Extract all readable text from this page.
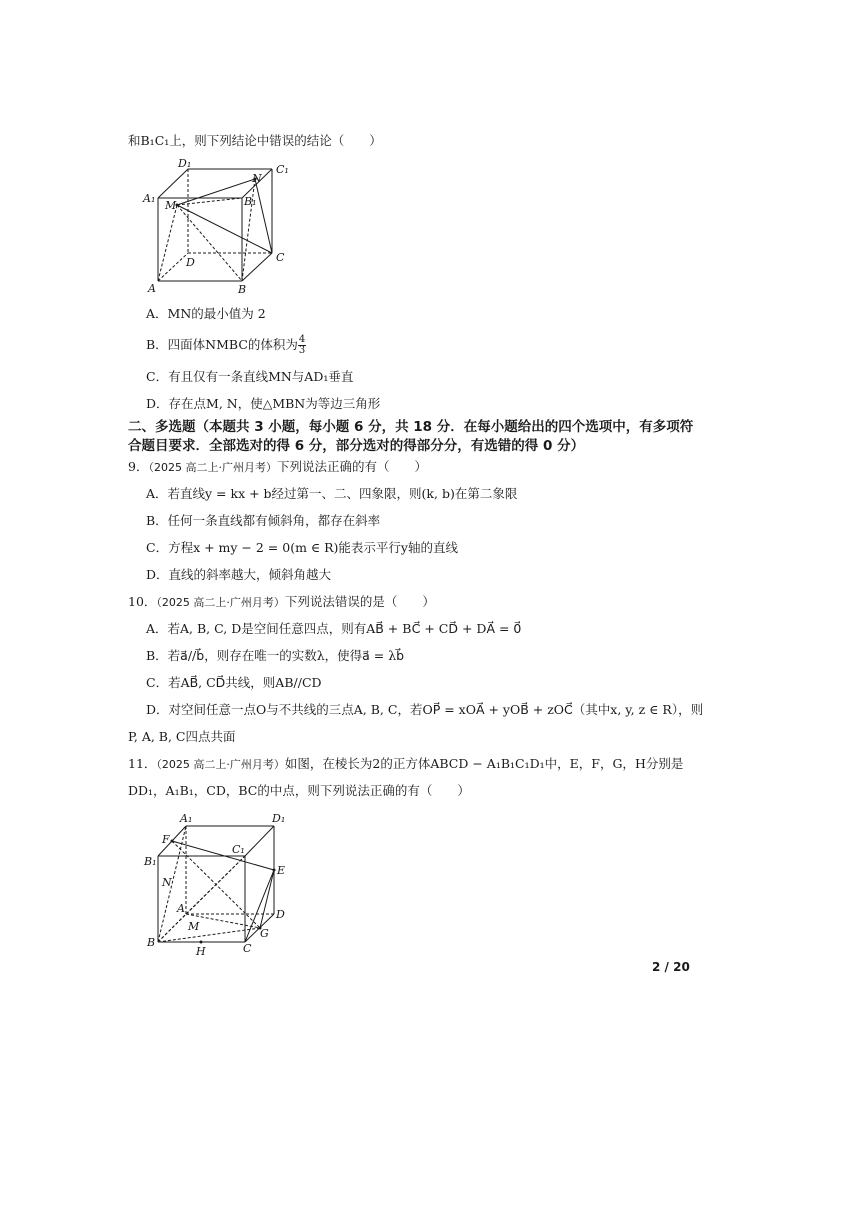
和B₁C₁上，则下列结论中错误的结论（　　）
D₁	C₁
A₁	B₁
M
N
D	C
A	B
A．MN的最小值为 2
B．四面体NMBC的体积为 $\frac{4}{3}$
C．有且仅有一条直线MN与AD₁垂直
D．存在点M, N，使△MBN为等边三角形
二、多选题（本题共 3 小题，每小题 6 分，共 18 分．在每小题给出的四个选项中，有多项符
合题目要求．全部选对的得 6 分，部分选对的得部分分，有选错的得 0 分）
9．（2025 高二上·广州月考）下列说法正确的有（　　）
A．若直线y = kx + b经过第一、二、四象限，则(k, b)在第二象限
B．任何一条直线都有倾斜角，都存在斜率
C．方程x + my − 2 = 0(m ∈ R)能表示平行y轴的直线
D．直线的斜率越大，倾斜角越大
10．（2025 高二上·广州月考）下列说法错误的是（　　）
A．若A, B, C, D是空间任意四点，则有AB⃗ + BC⃗ + CD⃗ + DA⃗ = 0⃗
B．若a⃗//b⃗，则存在唯一的实数λ，使得a⃗ = λb⃗
C．若AB⃗, CD⃗共线，则AB//CD
D．对空间任意一点O与不共线的三点A, B, C，若OP⃗ = xOA⃗ + yOB⃗ + zOC⃗（其中x, y, z ∈ R），则
P, A, B, C四点共面
11．（2025 高二上·广州月考）如图，在棱长为2的正方体ABCD − A₁B₁C₁D₁中，E，F，G，H分别是
DD₁，A₁B₁，CD，BC的中点，则下列说法正确的有（　　）
A₁	D₁
F
B₁
C₁
E
N
A	D
M
G
B	C
H
2 / 20
